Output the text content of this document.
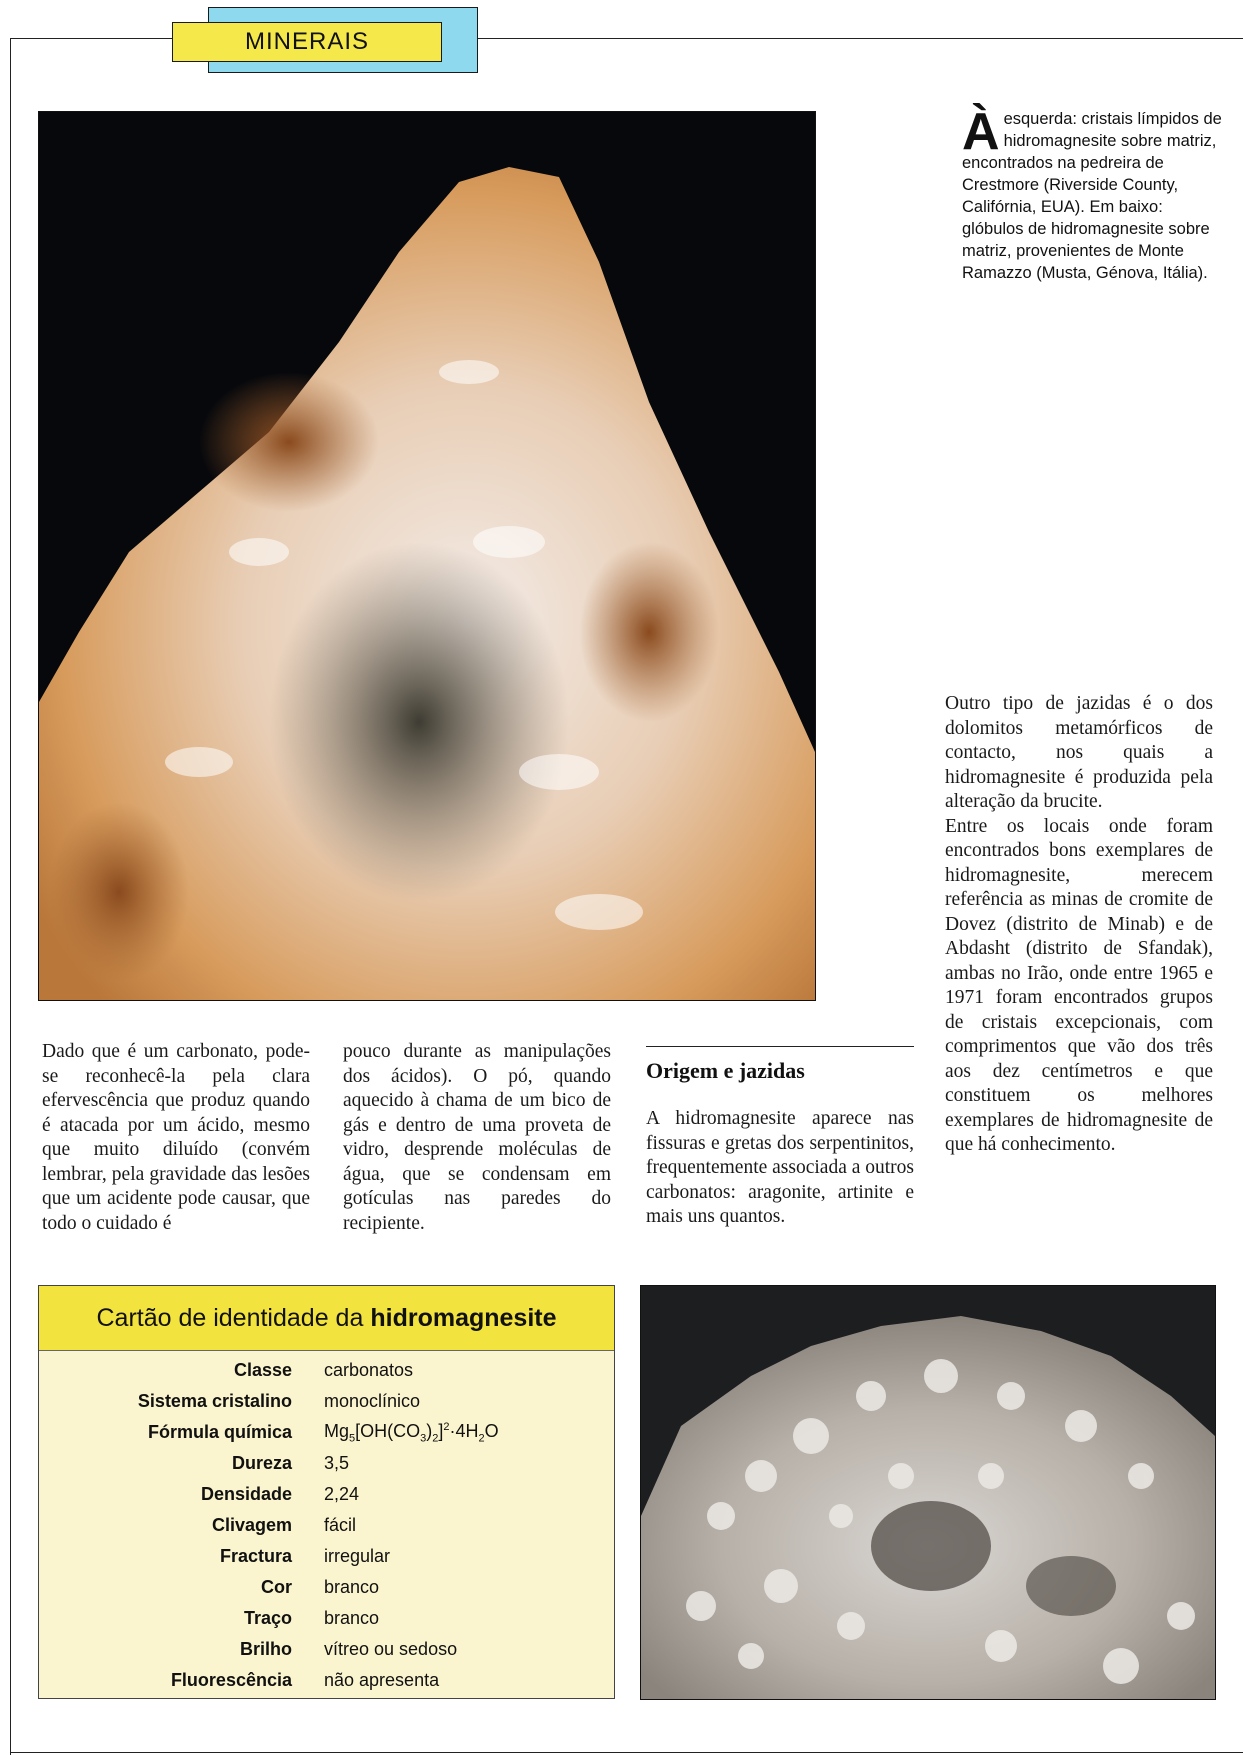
MINERAIS
Àesquerda: cristais límpidos de hidromagnesite sobre matriz, encontrados na pedreira de Crestmore (Riverside County, Califórnia, EUA). Em baixo: glóbulos de hidromagnesite sobre matriz, provenientes de Monte Ramazzo (Musta, Génova, Itália).
Dado que é um carbonato, pode-se reconhecê-la pela clara efervescência que produz quando é atacada por um ácido, mesmo que muito diluído (convém lembrar, pela gravidade das lesões que um acidente pode causar, que todo o cuidado é
pouco durante as manipulações dos ácidos). O pó, quando aquecido à chama de um bico de gás e dentro de uma proveta de vidro, desprende moléculas de água, que se condensam em gotículas nas paredes do recipiente.
Origem e jazidas
A hidromagnesite aparece nas fissuras e gretas dos serpentinitos, frequentemente associada a outros carbonatos: aragonite, artinite e mais uns quantos.

Outro tipo de jazidas é o dos dolomitos metamórficos de contacto, nos quais a hidromagnesite é produzida pela alteração da brucite.

Entre os locais onde foram encontrados bons exemplares de hidromagnesite, merecem referência as minas de cromite de Dovez (distrito de Minab) e de Abdasht (distrito de Sfandak), ambas no Irão, onde entre 1965 e 1971 foram encontrados grupos de cristais excepcionais, com comprimentos que vão dos três aos dez centímetros e que constituem os melhores exemplares de hidromagnesite de que há conhecimento.

Cartão de identidade da hidromagnesite
Classe carbonatos
Sistema cristalino monoclínico
Fórmula química $Mg_5[OH(CO_3)_2]^2\cdot 4H_2O$
Dureza 3,5
Densidade 2,24
Clivagem fácil
Fractura irregular
Cor branco
Traço branco
Brilho vítreo ou sedoso
Fluorescência não apresenta
